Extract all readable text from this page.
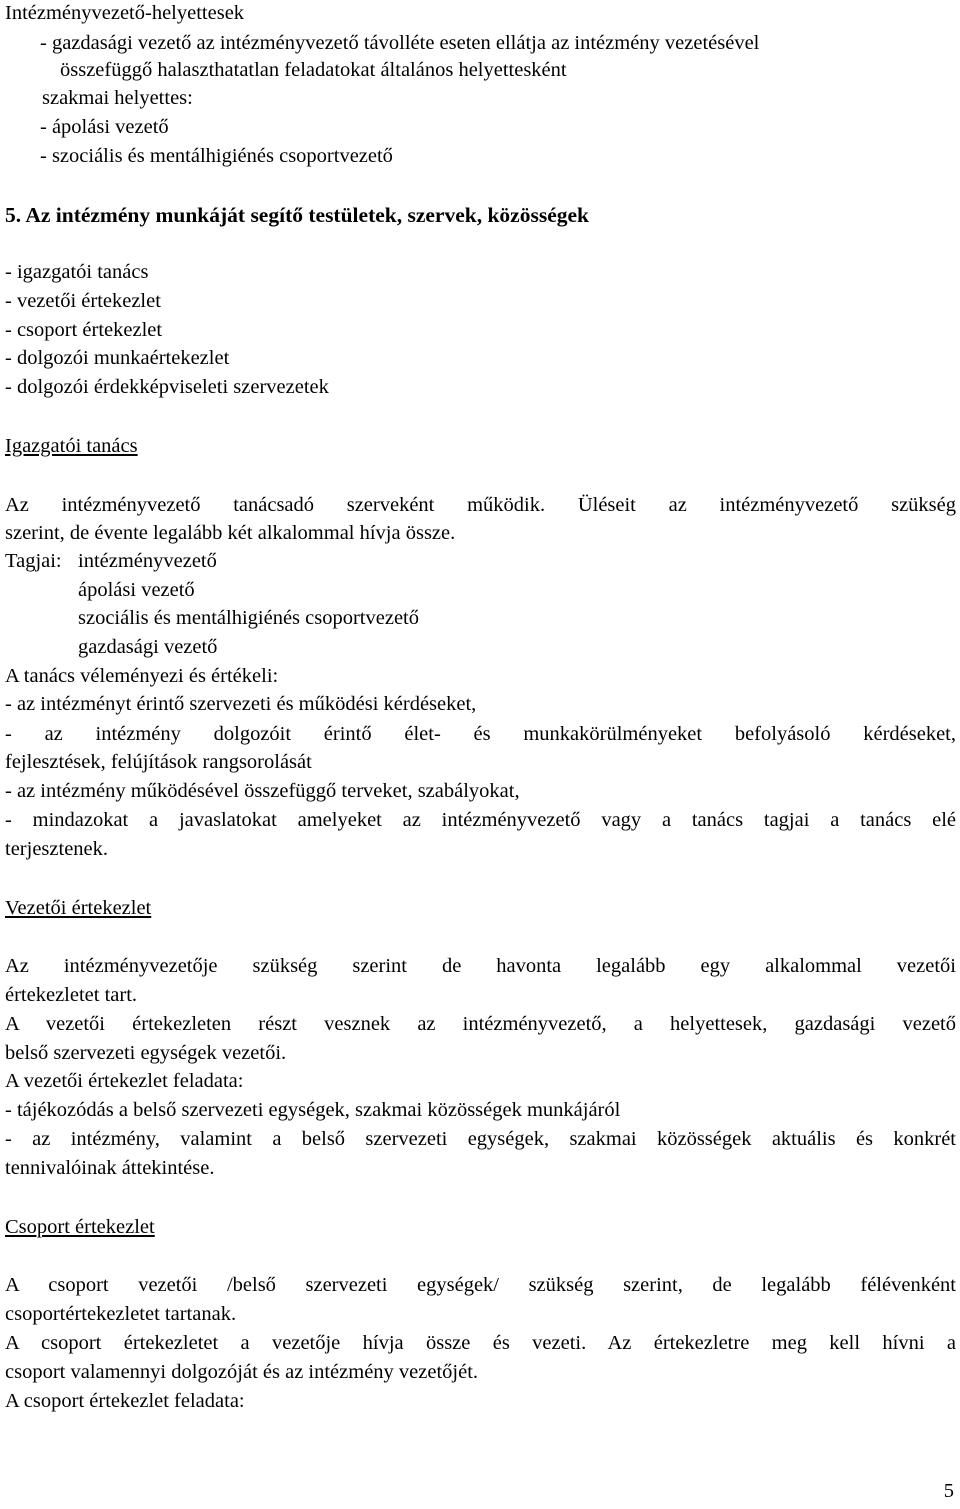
Intézményvezető-helyettesek
- gazdasági vezető az intézményvezető távolléte eseten ellátja az intézmény vezetésével
összefüggő halaszthatatlan feladatokat általános helyettesként
szakmai helyettes:
- ápolási vezető
- szociális és mentálhigiénés csoportvezető
5. Az intézmény munkáját segítő testületek, szervek, közösségek
- igazgatói tanács
- vezetői értekezlet
- csoport értekezlet
- dolgozói munkaértekezlet
- dolgozói érdekképviseleti szervezetek
Igazgatói tanács
Az intézményvezető tanácsadó szerveként működik. Üléseit az intézményvezető szükség
szerint, de évente legalább két alkalommal hívja össze.
Tagjai: intézményvezető
ápolási vezető
szociális és mentálhigiénés csoportvezető
gazdasági vezető
A tanács véleményezi és értékeli:
- az intézményt érintő szervezeti és működési kérdéseket,
- az intézmény dolgozóit érintő élet- és munkakörülményeket befolyásoló kérdéseket,
fejlesztések, felújítások rangsorolását
- az intézmény működésével összefüggő terveket, szabályokat,
- mindazokat a javaslatokat amelyeket az intézményvezető vagy a tanács tagjai a tanács elé
terjesztenek.
Vezetői értekezlet
Az intézményvezetője szükség szerint de havonta legalább egy alkalommal vezetői
értekezletet tart.
A vezetői értekezleten részt vesznek az intézményvezető, a helyettesek, gazdasági vezető
belső szervezeti egységek vezetői.
A vezetői értekezlet feladata:
- tájékozódás a belső szervezeti egységek, szakmai közösségek munkájáról
- az intézmény, valamint a belső szervezeti egységek, szakmai közösségek aktuális és konkrét
tennivalóinak áttekintése.
Csoport értekezlet
A csoport vezetői /belső szervezeti egységek/ szükség szerint, de legalább félévenként
csoportértekezletet tartanak.
A csoport értekezletet a vezetője hívja össze és vezeti. Az értekezletre meg kell hívni a
csoport valamennyi dolgozóját és az intézmény vezetőjét.
A csoport értekezlet feladata:
5
